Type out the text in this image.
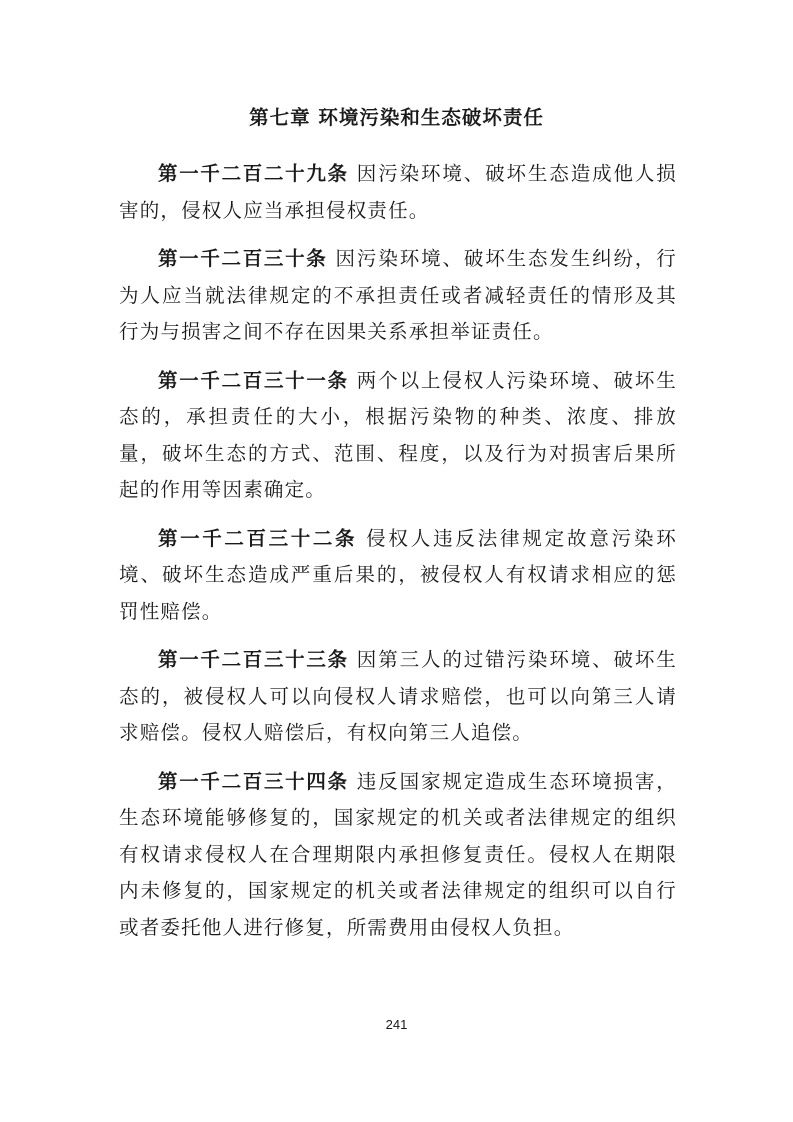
第七章 环境污染和生态破坏责任

第一千二百二十九条 因污染环境、破坏生态造成他人损害的，侵权人应当承担侵权责任。

第一千二百三十条 因污染环境、破坏生态发生纠纷，行为人应当就法律规定的不承担责任或者减轻责任的情形及其行为与损害之间不存在因果关系承担举证责任。

第一千二百三十一条 两个以上侵权人污染环境、破坏生态的，承担责任的大小，根据污染物的种类、浓度、排放量，破坏生态的方式、范围、程度，以及行为对损害后果所起的作用等因素确定。

第一千二百三十二条 侵权人违反法律规定故意污染环境、破坏生态造成严重后果的，被侵权人有权请求相应的惩罚性赔偿。

第一千二百三十三条 因第三人的过错污染环境、破坏生态的，被侵权人可以向侵权人请求赔偿，也可以向第三人请求赔偿。侵权人赔偿后，有权向第三人追偿。

第一千二百三十四条 违反国家规定造成生态环境损害，生态环境能够修复的，国家规定的机关或者法律规定的组织有权请求侵权人在合理期限内承担修复责任。侵权人在期限内未修复的，国家规定的机关或者法律规定的组织可以自行或者委托他人进行修复，所需费用由侵权人负担。

241
